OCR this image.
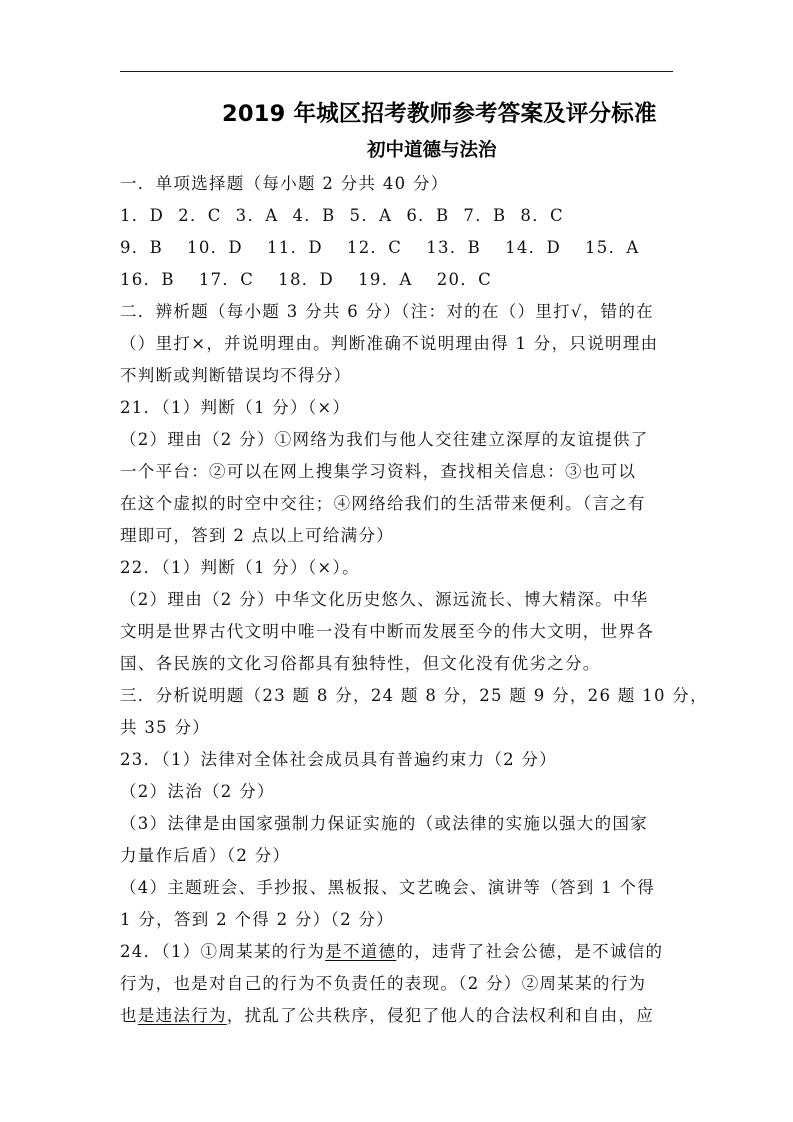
2019 年城区招考教师参考答案及评分标准
初中道德与法治
一．单项选择题（每小题 2 分共 40 分）
1．D 2．C 3．A 4．B 5．A 6．B 7．B 8．C
9．B 10．D 11．D 12．C 13．B 14．D 15．A
16．B 17．C 18．D 19．A 20．C
二．辨析题（每小题 3 分共 6 分）（注：对的在（）里打√，错的在
（）里打×，并说明理由。判断准确不说明理由得 1 分，只说明理由
不判断或判断错误均不得分）
21．（1）判断（1 分）（×）
（2）理由（2 分）①网络为我们与他人交往建立深厚的友谊提供了
一个平台：②可以在网上搜集学习资料，查找相关信息：③也可以
在这个虚拟的时空中交往；④网络给我们的生活带来便利。（言之有
理即可，答到 2 点以上可给满分）
22．（1）判断（1 分）（×）。
（2）理由（2 分）中华文化历史悠久、源远流长、博大精深。中华
文明是世界古代文明中唯一没有中断而发展至今的伟大文明，世界各
国、各民族的文化习俗都具有独特性，但文化没有优劣之分。
三．分析说明题（23 题 8 分，24 题 8 分，25 题 9 分，26 题 10 分，
共 35 分）
23．（1）法律对全体社会成员具有普遍约束力（2 分）
（2）法治（2 分）
（3）法律是由国家强制力保证实施的（或法律的实施以强大的国家
力量作后盾）（2 分）
（4）主题班会、手抄报、黑板报、文艺晚会、演讲等（答到 1 个得
1 分，答到 2 个得 2 分）（2 分）
24．（1）①周某某的行为是不道德的，违背了社会公德，是不诚信的
行为，也是对自己的行为不负责任的表现。（2 分）②周某某的行为
也是违法行为，扰乱了公共秩序，侵犯了他人的合法权利和自由，应
